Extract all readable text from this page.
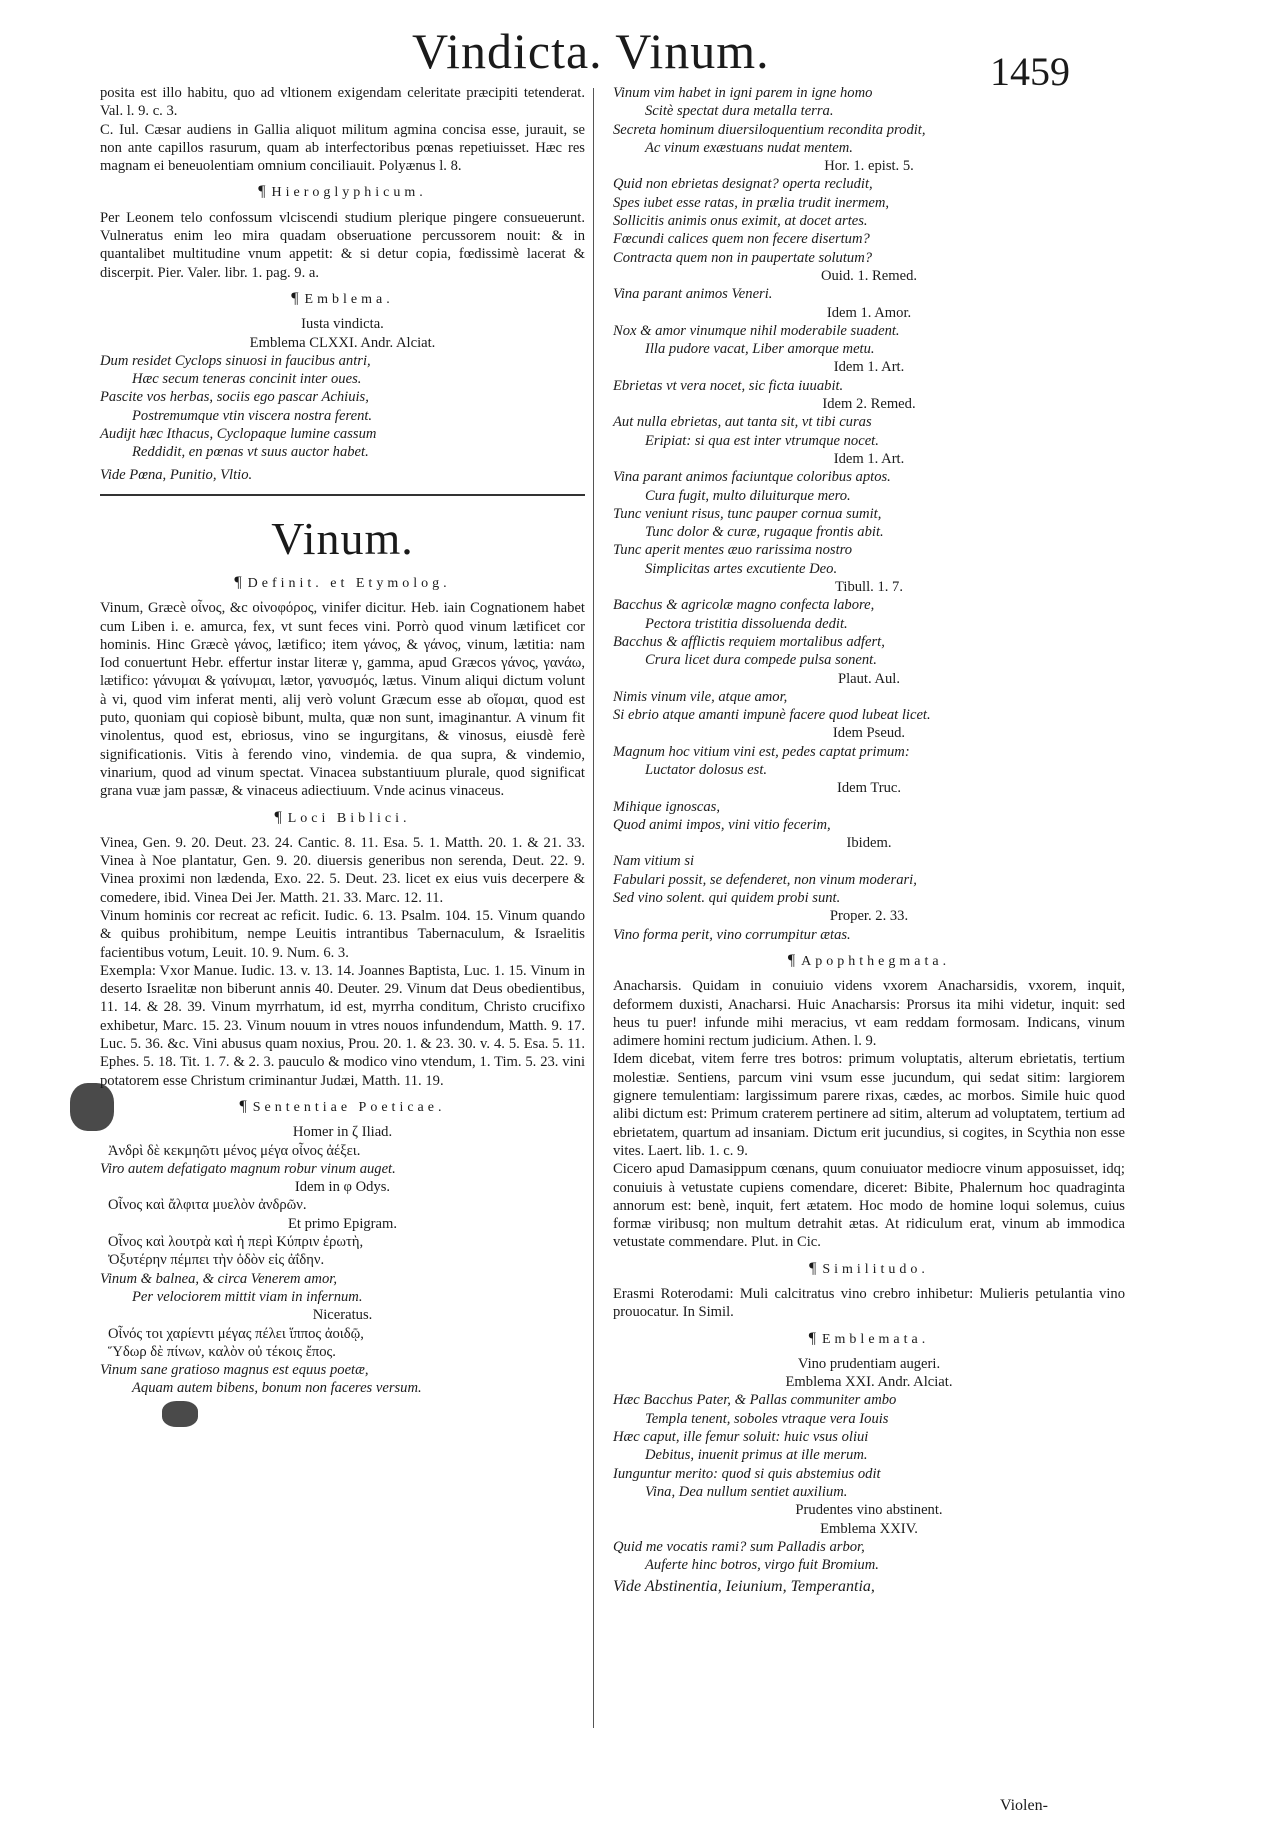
Vindicta. Vinum.	1459

posita est illo habitu, quo ad vltionem exigendam celeritate præcipiti tetenderat. Val. l. 9. c. 3.

C. Iul. Cæsar audiens in Gallia aliquot militum agmina concisa esse, jurauit, se non ante capillos rasurum, quam ab interfectoribus pœnas repetiuisset. Hæc res magnam ei beneuolentiam omnium conciliauit. Polyænus l. 8.

¶ Hieroglyphicum.

Per Leonem telo confossum vlciscendi studium plerique pingere consueuerunt. Vulneratus enim leo mira quadam obseruatione percussorem nouit: & in quantalibet multitudine vnum appetit: & si detur copia, fœdissimè lacerat & discerpit. Pier. Valer. libr. 1. pag. 9. a.

¶ Emblema.
Iusta vindicta.
Emblema CLXXI. Andr. Alciat.

Dum residet Cyclops sinuosi in faucibus antri,

Hæc secum teneras concinit inter oues.

Pascite vos herbas, sociis ego pascar Achiuis,

Postremumque vtin viscera nostra ferent.

Audijt hæc Ithacus, Cyclopaque lumine cassum

Reddidit, en pœnas vt suus auctor habet.

Vide Pœna, Punitio, Vltio.

Vinum.
¶ Definit. et Etymolog.

Vinum, Græcè οἶνος, &c οἰνοφόρος, vinifer dicitur. Heb. iain Cognationem habet cum Liben i. e. amurca, fex, vt sunt feces vini. Porrò quod vinum lætificet cor hominis. Hinc Græcè γάνος, lætifico; item γάνος, & γάνος, vinum, lætitia: nam Iod conuertunt Hebr. effertur instar literæ γ, gamma, apud Græcos γάνος, γανάω, lætifico: γάνυμαι & γαίνυμαι, lætor, γανυσμός, lætus. Vinum aliqui dictum volunt à vi, quod vim inferat menti, alij verò volunt Græcum esse ab οἴομαι, quod est puto, quoniam qui copiosè bibunt, multa, quæ non sunt, imaginantur. A vinum fit vinolentus, quod est, ebriosus, vino se ingurgitans, & vinosus, eiusdè ferè significationis. Vitis à ferendo vino, vindemia. de qua supra, & vindemio, vinarium, quod ad vinum spectat. Vinacea substantiuum plurale, quod significat grana vuæ jam passæ, & vinaceus adiectiuum. Vnde acinus vinaceus.

¶ Loci Biblici.

Vinea, Gen. 9. 20. Deut. 23. 24. Cantic. 8. 11. Esa. 5. 1. Matth. 20. 1. & 21. 33. Vinea à Noe plantatur, Gen. 9. 20. diuersis generibus non serenda, Deut. 22. 9. Vinea proximi non lædenda, Exo. 22. 5. Deut. 23. licet ex eius vuis decerpere & comedere, ibid. Vinea Dei Jer. Matth. 21. 33. Marc. 12. 11.

Vinum hominis cor recreat ac reficit. Iudic. 6. 13. Psalm. 104. 15. Vinum quando & quibus prohibitum, nempe Leuitis intrantibus Tabernaculum, & Israelitis facientibus votum, Leuit. 10. 9. Num. 6. 3.

Exempla: Vxor Manue. Iudic. 13. v. 13. 14. Joannes Baptista, Luc. 1. 15. Vinum in deserto Israelitæ non biberunt annis 40. Deuter. 29. Vinum dat Deus obedientibus, 11. 14. & 28. 39. Vinum myrrhatum, id est, myrrha conditum, Christo crucifixo exhibetur, Marc. 15. 23. Vinum nouum in vtres nouos infundendum, Matth. 9. 17. Luc. 5. 36. &c. Vini abusus quam noxius, Prou. 20. 1. & 23. 30. v. 4. 5. Esa. 5. 11. Ephes. 5. 18. Tit. 1. 7. & 2. 3. pauculo & modico vino vtendum, 1. Tim. 5. 23. vini potatorem esse Christum criminantur Judæi, Matth. 11. 19.

¶ Sententiae Poeticae.

Homer in ζ Iliad.

Ἀνδρὶ δὲ κεκμηῶτι μένος μέγα οἶνος ἀέξει.

Viro autem defatigato magnum robur vinum auget.

Idem in φ Odys.

Οἶνος καὶ ἄλφιτα μυελὸν ἀνδρῶν.

Et primo Epigram.

Οἶνος καὶ λουτρὰ καὶ ἡ περὶ Κύπριν ἐρωτὴ,

Ὀξυτέρην πέμπει τὴν ὁδὸν εἰς ἀΐδην.

Vinum & balnea, & circa Venerem amor,

Per velociorem mittit viam in infernum.

Niceratus.

Οἶνός τοι χαρίεντι μέγας πέλει ἵππος ἀοιδῷ,

Ὕδωρ δὲ πίνων, καλὸν οὐ τέκοις ἔπος.

Vinum sane gratioso magnus est equus poetæ,

Aquam autem bibens, bonum non faceres versum.

Vinum vim habet in igni parem in igne homo

Scitè spectat dura metalla terra.

Secreta hominum diuersiloquentium recondita prodit,

Ac vinum exæstuans nudat mentem.

Hor. 1. epist. 5.

Quid non ebrietas designat? operta recludit,

Spes iubet esse ratas, in prælia trudit inermem,

Sollicitis animis onus eximit, at docet artes.

Fœcundi calices quem non fecere disertum?

Contracta quem non in paupertate solutum?

Ouid. 1. Remed.

Vina parant animos Veneri.

Idem 1. Amor.

Nox & amor vinumque nihil moderabile suadent.

Illa pudore vacat, Liber amorque metu.

Idem 1. Art.

Ebrietas vt vera nocet, sic ficta iuuabit.

Idem 2. Remed.

Aut nulla ebrietas, aut tanta sit, vt tibi curas

Eripiat: si qua est inter vtrumque nocet.

Idem 1. Art.

Vina parant animos faciuntque coloribus aptos.

Cura fugit, multo diluiturque mero.

Tunc veniunt risus, tunc pauper cornua sumit,

Tunc dolor & curæ, rugaque frontis abit.

Tunc aperit mentes æuo rarissima nostro

Simplicitas artes excutiente Deo.

Tibull. 1. 7.

Bacchus & agricolæ magno confecta labore,

Pectora tristitia dissoluenda dedit.

Bacchus & afflictis requiem mortalibus adfert,

Crura licet dura compede pulsa sonent.

Plaut. Aul.

Nimis vinum vile, atque amor,

Si ebrio atque amanti impunè facere quod lubeat licet.

Idem Pseud.

Magnum hoc vitium vini est, pedes captat primum:

Luctator dolosus est.

Idem Truc.

Mihique ignoscas,

Quod animi impos, vini vitio fecerim,

Ibidem.

Nam vitium si

Fabulari possit, se defenderet, non vinum moderari,

Sed vino solent. qui quidem probi sunt.

Proper. 2. 33.

Vino forma perit, vino corrumpitur ætas.

¶ Apophthegmata.

Anacharsis. Quidam in conuiuio videns vxorem Anacharsidis, vxorem, inquit, deformem duxisti, Anacharsi. Huic Anacharsis: Prorsus ita mihi videtur, inquit: sed heus tu puer! infunde mihi meracius, vt eam reddam formosam. Indicans, vinum adimere homini rectum judicium. Athen. l. 9.

Idem dicebat, vitem ferre tres botros: primum voluptatis, alterum ebrietatis, tertium molestiæ. Sentiens, parcum vini vsum esse jucundum, qui sedat sitim: largiorem gignere temulentiam: largissimum parere rixas, cædes, ac morbos. Simile huic quod alibi dictum est: Primum craterem pertinere ad sitim, alterum ad voluptatem, tertium ad ebrietatem, quartum ad insaniam. Dictum erit jucundius, si cogites, in Scythia non esse vites. Laert. lib. 1. c. 9.

Cicero apud Damasippum cœnans, quum conuiuator mediocre vinum apposuisset, idq; conuiuis à vetustate cupiens comendare, diceret: Bibite, Phalernum hoc quadraginta annorum est: benè, inquit, fert ætatem. Hoc modo de homine loqui solemus, cuius formæ viribusq; non multum detrahit ætas. At ridiculum erat, vinum ab immodica vetustate commendare. Plut. in Cic.

¶ Similitudo.

Erasmi Roterodami: Muli calcitratus vino crebro inhibetur: Mulieris petulantia vino prouocatur. In Simil.

¶ Emblemata.

Vino prudentiam augeri.

Emblema XXI. Andr. Alciat.

Hæc Bacchus Pater, & Pallas communiter ambo

Templa tenent, soboles vtraque vera Iouis

Hæc caput, ille femur soluit: huic vsus oliui

Debitus, inuenit primus at ille merum.

Iunguntur merito: quod si quis abstemius odit

Vina, Dea nullum sentiet auxilium.

Prudentes vino abstinent.

Emblema XXIV.

Quid me vocatis rami? sum Palladis arbor,

Auferte hinc botros, virgo fuit Bromium.

Vide Abstinentia, Ieiunium, Temperantia,

Violen-
